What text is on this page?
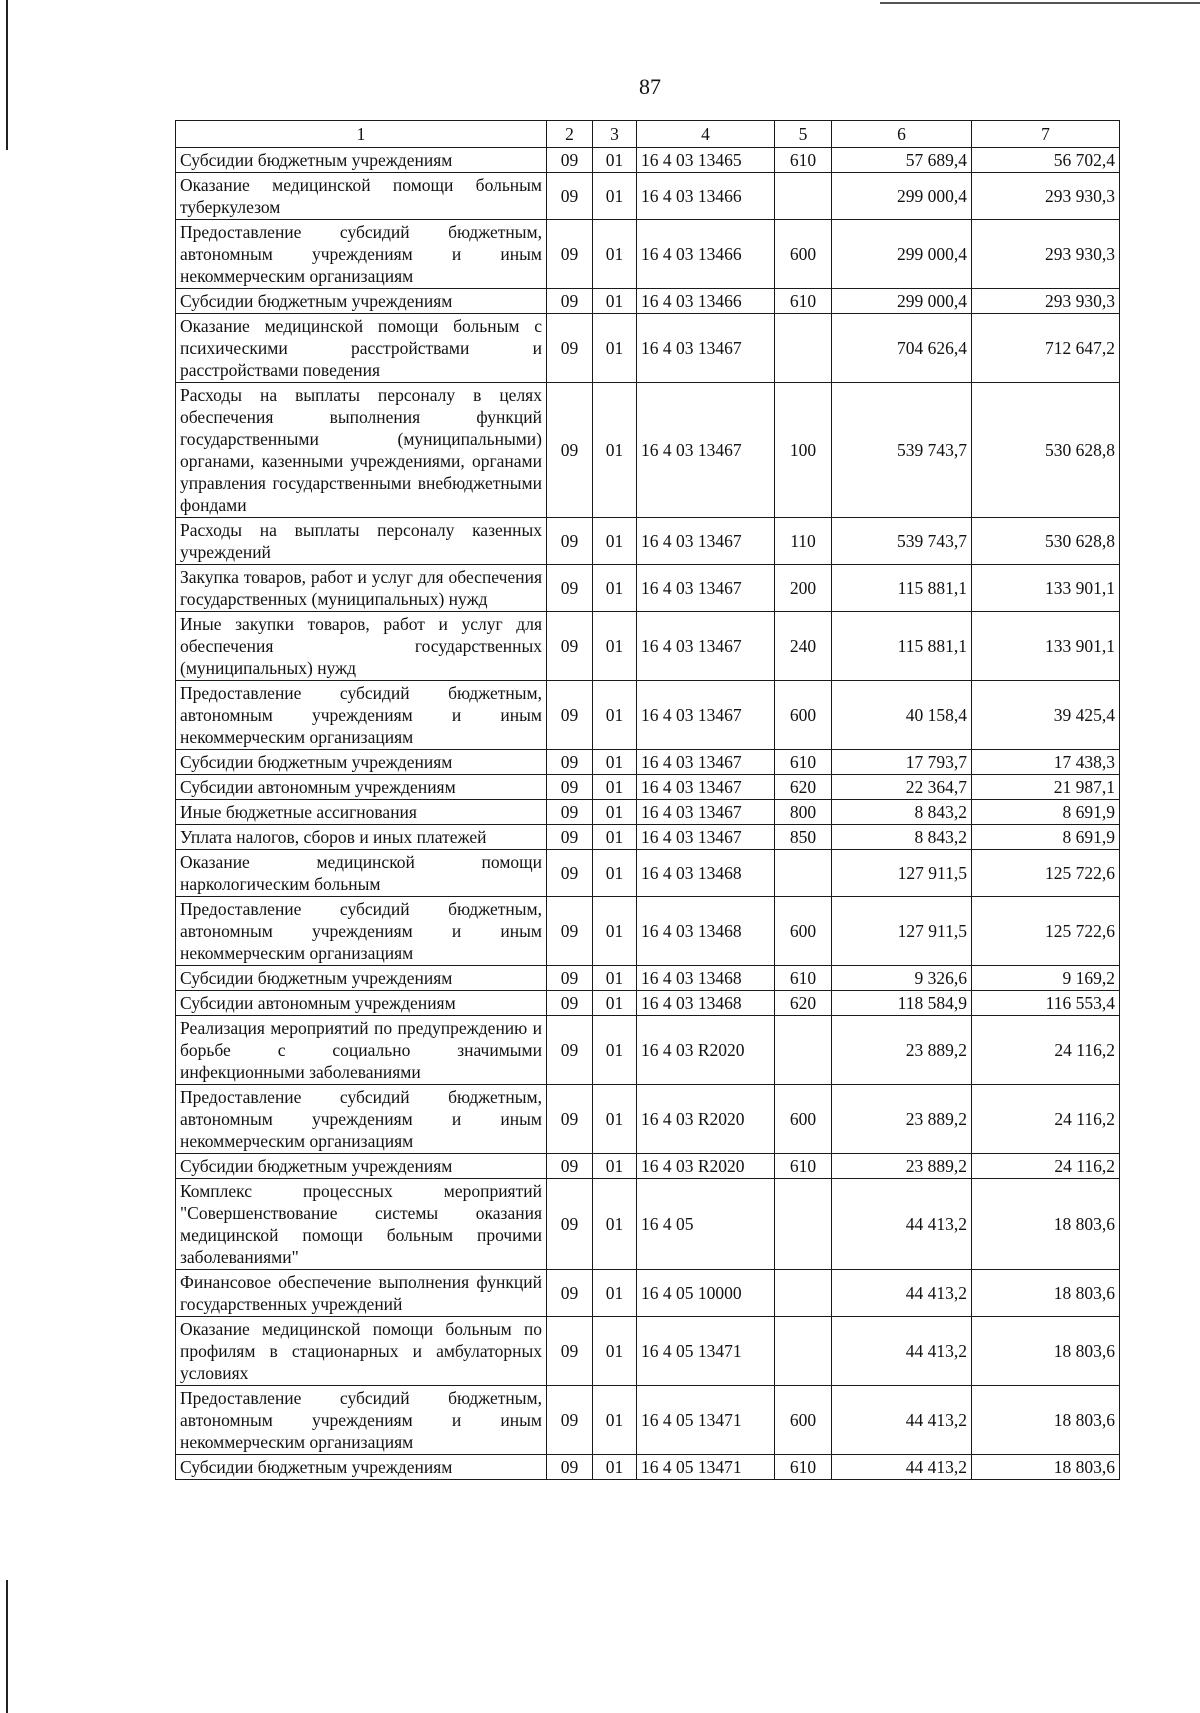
87
1	2	3	4	5	6	7
Субсидии бюджетным учреждениям	09	01	16 4 03 13465	610	57 689,4	56 702,4
Оказание медицинской помощи больным туберкулезом	09	01	16 4 03 13466		299 000,4	293 930,3
Предоставление субсидий бюджетным, автономным учреждениям и иным некоммерческим организациям	09	01	16 4 03 13466	600	299 000,4	293 930,3
Субсидии бюджетным учреждениям	09	01	16 4 03 13466	610	299 000,4	293 930,3
Оказание медицинской помощи больным с психическими расстройствами и расстройствами поведения	09	01	16 4 03 13467		704 626,4	712 647,2
Расходы на выплаты персоналу в целях обеспечения выполнения функций государственными (муниципальными) органами, казенными учреждениями, органами управления государственными внебюджетными фондами	09	01	16 4 03 13467	100	539 743,7	530 628,8
Расходы на выплаты персоналу казенных учреждений	09	01	16 4 03 13467	110	539 743,7	530 628,8
Закупка товаров, работ и услуг для обеспечения государственных (муниципальных) нужд	09	01	16 4 03 13467	200	115 881,1	133 901,1
Иные закупки товаров, работ и услуг для обеспечения государственных (муниципальных) нужд	09	01	16 4 03 13467	240	115 881,1	133 901,1
Предоставление субсидий бюджетным, автономным учреждениям и иным некоммерческим организациям	09	01	16 4 03 13467	600	40 158,4	39 425,4
Субсидии бюджетным учреждениям	09	01	16 4 03 13467	610	17 793,7	17 438,3
Субсидии автономным учреждениям	09	01	16 4 03 13467	620	22 364,7	21 987,1
Иные бюджетные ассигнования	09	01	16 4 03 13467	800	8 843,2	8 691,9
Уплата налогов, сборов и иных платежей	09	01	16 4 03 13467	850	8 843,2	8 691,9
Оказание медицинской помощи наркологическим больным	09	01	16 4 03 13468		127 911,5	125 722,6
Предоставление субсидий бюджетным, автономным учреждениям и иным некоммерческим организациям	09	01	16 4 03 13468	600	127 911,5	125 722,6
Субсидии бюджетным учреждениям	09	01	16 4 03 13468	610	9 326,6	9 169,2
Субсидии автономным учреждениям	09	01	16 4 03 13468	620	118 584,9	116 553,4
Реализация мероприятий по предупреждению и борьбе с социально значимыми инфекционными заболеваниями	09	01	16 4 03 R2020		23 889,2	24 116,2
Предоставление субсидий бюджетным, автономным учреждениям и иным некоммерческим организациям	09	01	16 4 03 R2020	600	23 889,2	24 116,2
Субсидии бюджетным учреждениям	09	01	16 4 03 R2020	610	23 889,2	24 116,2
Комплекс процессных мероприятий "Совершенствование системы оказания медицинской помощи больным прочими заболеваниями"	09	01	16 4 05		44 413,2	18 803,6
Финансовое обеспечение выполнения функций государственных учреждений	09	01	16 4 05 10000		44 413,2	18 803,6
Оказание медицинской помощи больным по профилям в стационарных и амбулаторных условиях	09	01	16 4 05 13471		44 413,2	18 803,6
Предоставление субсидий бюджетным, автономным учреждениям и иным некоммерческим организациям	09	01	16 4 05 13471	600	44 413,2	18 803,6
Субсидии бюджетным учреждениям	09	01	16 4 05 13471	610	44 413,2	18 803,6
